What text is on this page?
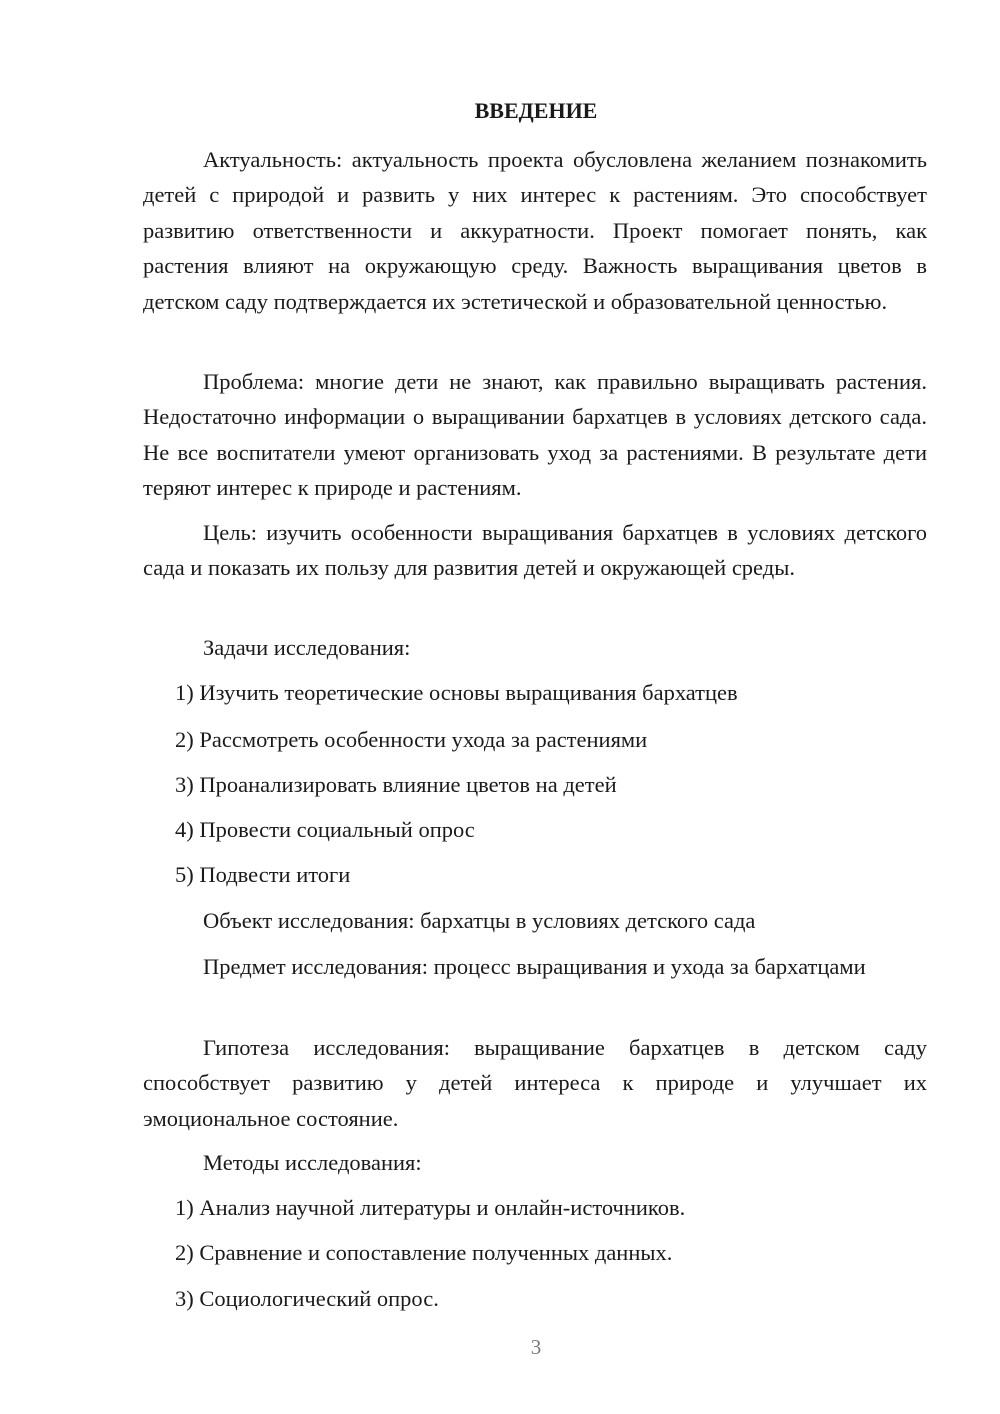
ВВЕДЕНИЕ

Актуальность: актуальность проекта обусловлена желанием познакомить детей с природой и развить у них интерес к растениям. Это способствует развитию ответственности и аккуратности. Проект помогает понять, как растения влияют на окружающую среду. Важность выращивания цветов в детском саду подтверждается их эстетической и образовательной ценностью.

Проблема: многие дети не знают, как правильно выращивать растения. Недостаточно информации о выращивании бархатцев в условиях детского сада. Не все воспитатели умеют организовать уход за растениями. В результате дети теряют интерес к природе и растениям.

Цель: изучить особенности выращивания бархатцев в условиях детского сада и показать их пользу для развития детей и окружающей среды.

Задачи исследования:
1) Изучить теоретические основы выращивания бархатцев
2) Рассмотреть особенности ухода за растениями
3) Проанализировать влияние цветов на детей
4) Провести социальный опрос
5) Подвести итоги
Объект исследования: бархатцы в условиях детского сада

Предмет исследования: процесс выращивания и ухода за бархатцами

Гипотеза исследования: выращивание бархатцев в детском саду способствует развитию у детей интереса к природе и улучшает их эмоциональное состояние.

Методы исследования:
1) Анализ научной литературы и онлайн-источников.
2) Сравнение и сопоставление полученных данных.
3) Социологический опрос.
3
